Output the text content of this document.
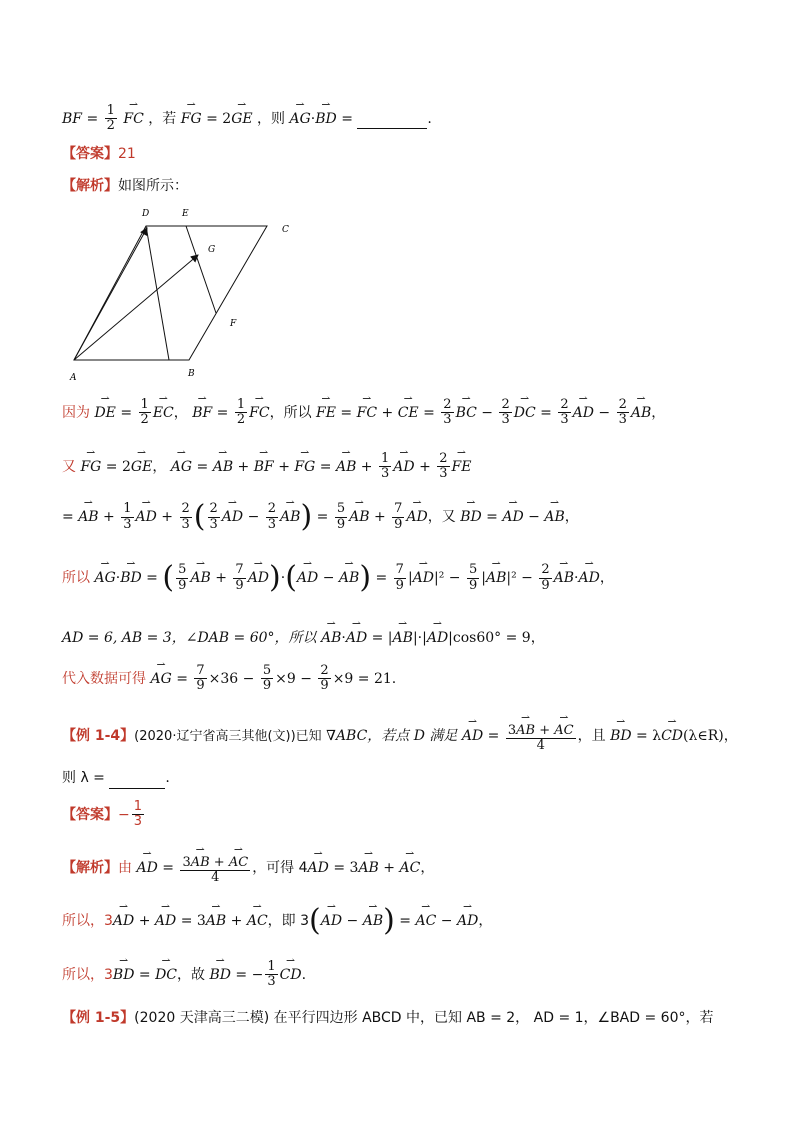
BF = $\frac{1}{2}$ ⇀ FC ，若 ⇀ FG = 2⇀ GE ，则 ⇀ AG·⇀ BD =	.
【答案】21
【解析】如图所示：
D	E
C
G
F
A	B
因为 ⇀ DE = $\frac{1}{2}$ ⇀ EC， ⇀ BF = $\frac{1}{2}$ ⇀ FC，所以 ⇀ FE = ⇀ FC + ⇀ CE = $\frac{2}{3}$ ⇀ BC − $\frac{2}{3}$ ⇀ DC = $\frac{2}{3}$ ⇀ AD − $\frac{2}{3}$ ⇀ AB，
又 ⇀ FG = 2⇀ GE， ⇀ AG = ⇀ AB + ⇀ BF + ⇀ FG = ⇀ AB + $\frac{1}{3}$ ⇀ AD + $\frac{2}{3}$ ⇀ FE
= ⇀ AB + $\frac{1}{3}$ ⇀ AD + $\frac{2}{3}$ ( $\frac{2}{3}$ ⇀ AD − $\frac{2}{3}$ ⇀ $AB) = \frac{5}{9}$ ⇀ AB + $\frac{7}{9}$ ⇀ AD，又 ⇀ BD = ⇀ AD − ⇀ AB，
所以 ⇀ AG·⇀ BD = ( $\frac{5}{9}$ ⇀ AB + $\frac{7}{9}$ ⇀ AD)·(⇀ AD − ⇀ $AB) = \frac{7}{9}$ |⇀ $AD|^2 - \frac{5}{9}$ |⇀ $AB|^2 - \frac{2}{9}$ ⇀ AB·⇀ AD，
AD = 6, AB = 3，∠DAB = 60°，所以 ⇀ AB·⇀ AD = |⇀ AB|·|⇀ AD|cos60° = 9，
代入数据可得 ⇀ AG = $\frac{7}{9} \times 36 - \frac{5}{9} \times 9 - \frac{2}{9} \times 9 = 21$.
【例 1-4】(2020·辽宁省高三其他(文))已知 ∇ABC，若点 D 满足 ⇀ AD = $\frac{3⇀ AB + ⇀ AC}{4}$ ，且 ⇀ BD = λ⇀ CD(λ∈R)，
则 λ =	.
【答案】− $\frac{1}{3}$
【解析】由 ⇀ AD = $\frac{3⇀ AB + ⇀ AC}{4}$ ，可得 4⇀ AD = 3⇀ AB + ⇀ AC，
所以，3⇀ AD + ⇀ AD = 3⇀ AB + ⇀ AC，即 3(⇀ AD − ⇀ AB) = ⇀ AC − ⇀ AD，
所以，3⇀ BD = ⇀ DC，故 ⇀ BD = − $\frac{1}{3}$ ⇀ CD.
【例 1-5】(2020 天津高三二模) 在平行四边形 ABCD 中，已知 AB = 2， AD = 1，∠BAD = 60°，若
